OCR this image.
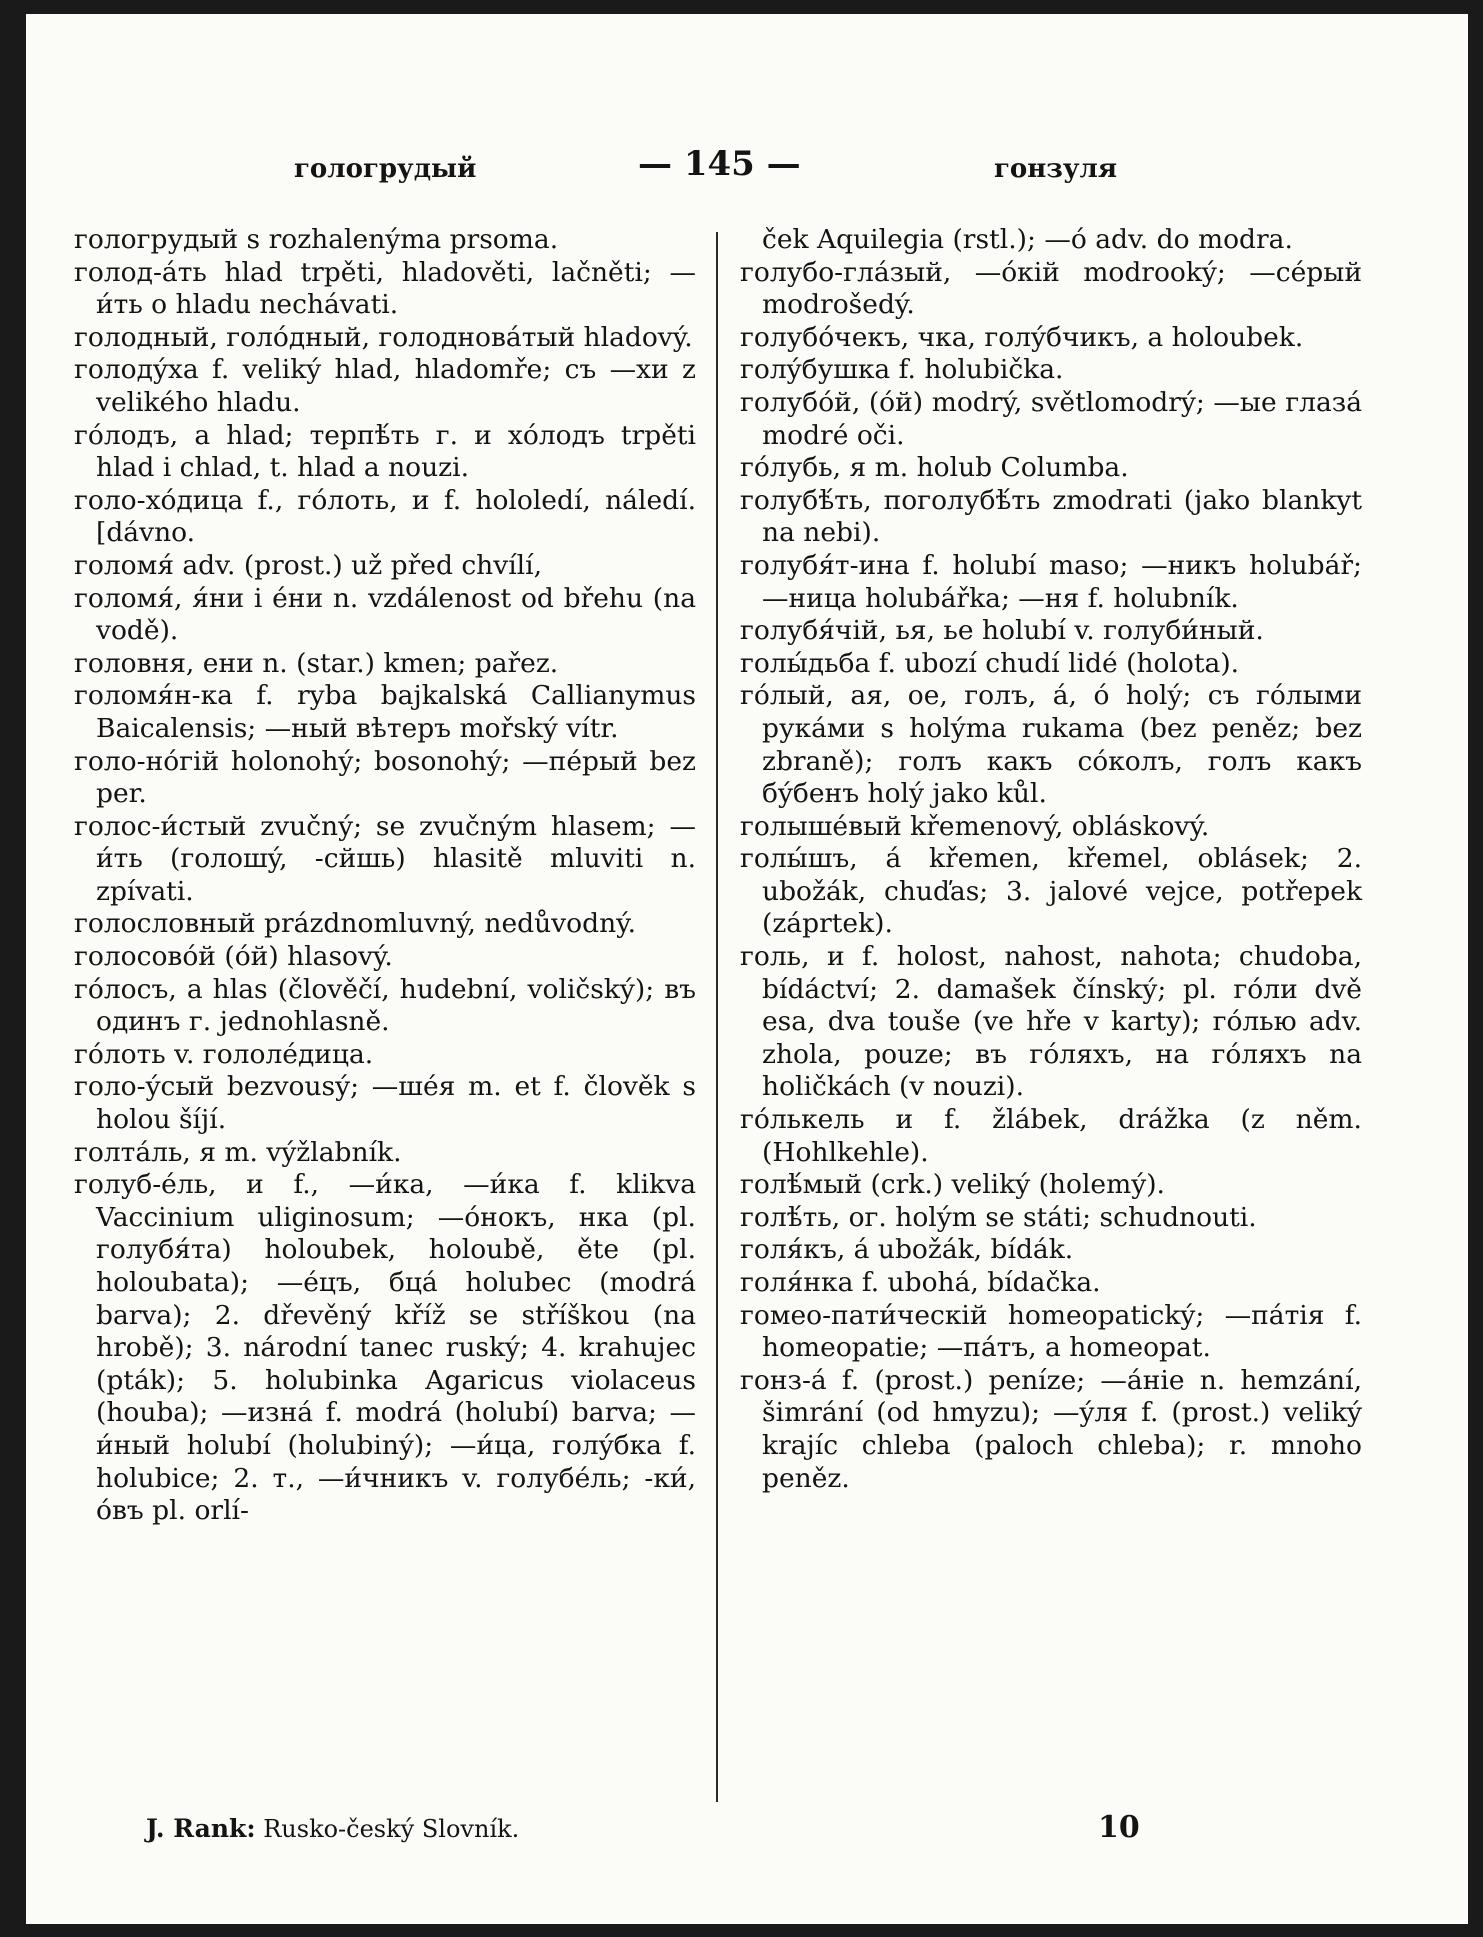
гологрудый	— 145 —	гонзуля

гологрудый s rozhalenýma prsoma.

голод-áть hlad trpěti, hladověti, lačněti; —и́ть o hladu nechávati.

голодный, голóдный, голодновáтый hladový.

голодýха f. veliký hlad, hladomře; съ —хи z velikého hladu.

гóлодъ, a hlad; терпѣ́ть г. и хóлодъ trpěti hlad i chlad, t. hlad a nouzi.

голо-хóдица f., гóлоть, и f. hololedí, náledí. [dávno.

голомя́ adv. (prost.) už před chvílí,

голомя́, я́ни i éни n. vzdálenost od břehu (na vodě).

головня, ени n. (star.) kmen; pařez.

голомя́н-ка f. ryba bajkalská Callianymus Baicalensis; —ный вѣтеръ mořský vítr.

голо-нóгiй holonohý; bosonohý; —пéрый bez per.

голос-и́стый zvučný; se zvučným hlasem; —и́ть (голошý, -сйшь) hlasitě mluviti n. zpívati.

голословный prázdnomluvný, nedůvodný.

голосовóй (óй) hlasový.

гóлосъ, a hlas (člověčí, hudební, voličský); въ одинъ г. jednohlasně.

гóлоть v. гололéдица.

голо-ýсый bezvousý; —шéя m. et f. člověk s holou šíjí.

голтáль, я m. výžlabník.

голуб-éль, и f., —и́ка, —и́ка f. klikva Vaccinium uliginosum; —óнокъ, нка (pl. голубя́та) holoubek, holoubě, ěte (pl. holoubata); —éцъ, бцá holubec (modrá barva); 2. dřevěný kříž se stříškou (na hrobě); 3. národní tanec ruský; 4. krahujec (pták); 5. holubinka Agaricus violaceus (houba); —изнá f. modrá (holubí) barva; —и́ный holubí (holubiný); —и́ца, голýбка f. holubice; 2. т., —и́чникъ v. голубéль; -ки́, óвъ pl. orlí-

ček Aquilegia (rstl.); —ó adv. do modra.

голубо-глáзый, —óкiй modrooký; —сéрый modrošedý.

голубóчекъ, чка, голýбчикъ, a holoubek.

голýбушка f. holubička.

голубóй, (óй) modrý, světlomodrý; —ые глазá modré oči.

гóлубь, я m. holub Columba.

голубѣ́ть, поголубѣ́ть zmodrati (jako blankyt na nebi).

голубя́т-ина f. holubí maso; —никъ holubář; —ница holubářka; —ня f. holubník.

голубя́чiй, ья, ье holubí v. голуби́ный.

голы́дьба f. ubozí chudí lidé (holota).

гóлый, ая, ое, голъ, á, ó holý; съ гóлыми рукáми s holýma rukama (bez peněz; bez zbraně); голъ какъ сóколъ, голъ какъ бýбенъ holý jako kůl.

голышéвый křemenový, obláskový.

голы́шъ, á křemen, křemel, oblásek; 2. ubožák, chuďas; 3. jalové vejce, potřepek (záprtek).

голь, и f. holost, nahost, nahota; chudoba, bídáctví; 2. damašek čínský; pl. гóли dvě esa, dva touše (ve hře v karty); гóлью adv. zhola, pouze; въ гóляхъ, на гóляхъ na holičkách (v nouzi).

гóлькель и f. žlábek, drážka (z něm. (Hohlkehle).

голѣ́мый (crk.) veliký (holemý).

голѣ́ть, ог. holým se státi; schudnouti.

голя́къ, á ubožák, bídák.

голя́нка f. ubohá, bídačka.

гомео-пати́ческiй homeopatický; —пáтiя f. homeopatie; —пáтъ, a homeopat.

гонз-á f. (prost.) peníze; —áнiе n. hemzání, šimrání (od hmyzu); —ýля f. (prost.) veliký krajíc chleba (paloch chleba); r. mnoho peněz.

J. Rank: Rusko-český Slovník.	10
